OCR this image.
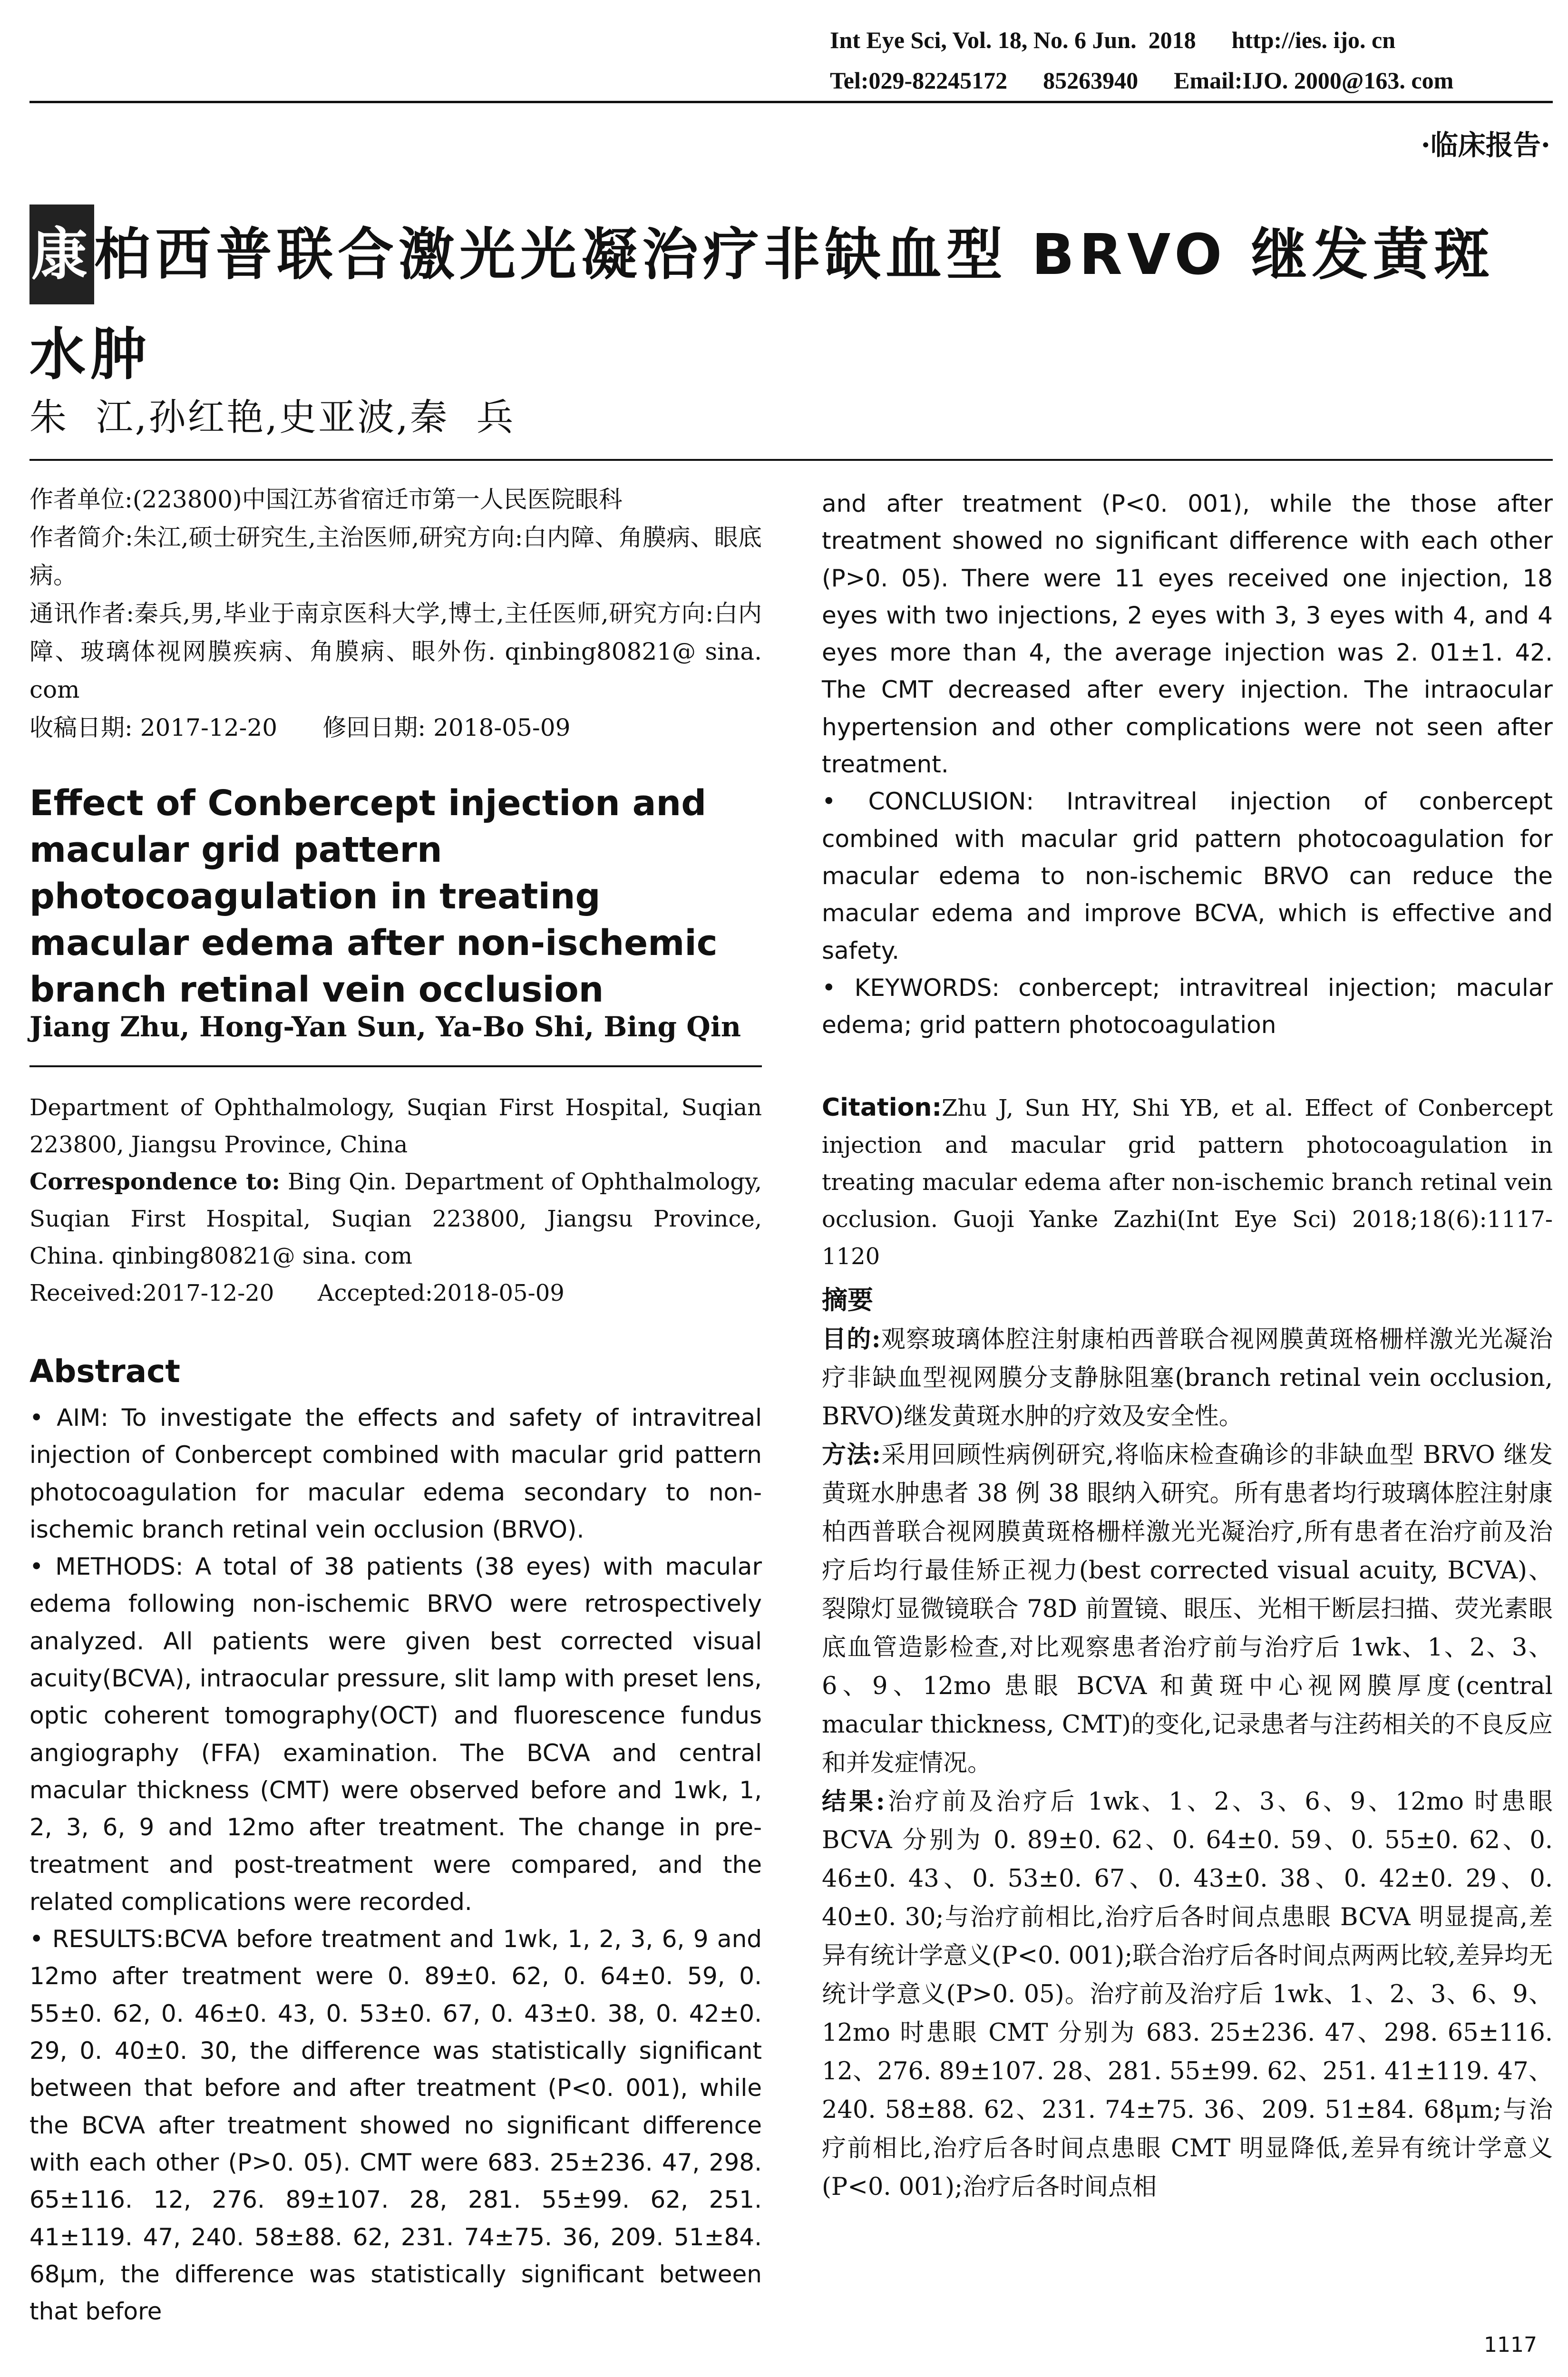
Int Eye Sci, Vol. 18, No. 6 Jun.  2018      http://ies. ijo. cn
Tel:029-82245172      85263940      Email:IJO. 2000@163. com
·临床报告·
康柏西普联合激光光凝治疗非缺血型 BRVO 继发黄斑水肿
朱  江,孙红艳,史亚波,秦  兵

作者单位:(223800)中国江苏省宿迁市第一人民医院眼科

作者简介:朱江,硕士研究生,主治医师,研究方向:白内障、角膜病、眼底病。

通讯作者:秦兵,男,毕业于南京医科大学,博士,主任医师,研究方向:白内障、玻璃体视网膜疾病、角膜病、眼外伤. qinbing80821@ sina. com

收稿日期: 2017-12-20      修回日期: 2018-05-09

Effect of Conbercept injection and macular grid pattern photocoagulation in treating macular edema after non-ischemic branch retinal vein occlusion
Jiang Zhu, Hong-Yan Sun, Ya-Bo Shi, Bing Qin

Department of Ophthalmology, Suqian First Hospital, Suqian 223800, Jiangsu Province, China

Correspondence to: Bing Qin. Department of Ophthalmology, Suqian First Hospital, Suqian 223800, Jiangsu Province, China. qinbing80821@ sina. com

Received:2017-12-20      Accepted:2018-05-09

Abstract

• AIM: To investigate the effects and safety of intravitreal injection of Conbercept combined with macular grid pattern photocoagulation for macular edema secondary to non-ischemic branch retinal vein occlusion (BRVO).

• METHODS: A total of 38 patients (38 eyes) with macular edema following non-ischemic BRVO were retrospectively analyzed. All patients were given best corrected visual acuity(BCVA), intraocular pressure, slit lamp with preset lens, optic coherent tomography(OCT) and fluorescence fundus angiography (FFA) examination. The BCVA and central macular thickness (CMT) were observed before and 1wk, 1, 2, 3, 6, 9 and 12mo after treatment. The change in pre-treatment and post-treatment were compared, and the related complications were recorded.

• RESULTS:BCVA before treatment and 1wk, 1, 2, 3, 6, 9 and 12mo after treatment were 0. 89±0. 62, 0. 64±0. 59, 0. 55±0. 62, 0. 46±0. 43, 0. 53±0. 67, 0. 43±0. 38, 0. 42±0. 29, 0. 40±0. 30, the difference was statistically significant between that before and after treatment (P<0. 001), while the BCVA after treatment showed no significant difference with each other (P>0. 05). CMT were 683. 25±236. 47, 298. 65±116. 12, 276. 89±107. 28, 281. 55±99. 62, 251. 41±119. 47, 240. 58±88. 62, 231. 74±75. 36, 209. 51±84. 68μm, the difference was statistically significant between that before

and after treatment (P<0. 001), while the those after treatment showed no significant difference with each other (P>0. 05). There were 11 eyes received one injection, 18 eyes with two injections, 2 eyes with 3, 3 eyes with 4, and 4 eyes more than 4, the average injection was 2. 01±1. 42. The CMT decreased after every injection. The intraocular hypertension and other complications were not seen after treatment.

• CONCLUSION: Intravitreal injection of conbercept combined with macular grid pattern photocoagulation for macular edema to non-ischemic BRVO can reduce the macular edema and improve BCVA, which is effective and safety.

• KEYWORDS: conbercept; intravitreal injection; macular edema; grid pattern photocoagulation

Citation:Zhu J, Sun HY, Shi YB, et al. Effect of Conbercept injection and macular grid pattern photocoagulation in treating macular edema after non-ischemic branch retinal vein occlusion. Guoji Yanke Zazhi(Int Eye Sci) 2018;18(6):1117-1120

摘要

目的:观察玻璃体腔注射康柏西普联合视网膜黄斑格栅样激光光凝治疗非缺血型视网膜分支静脉阻塞(branch retinal vein occlusion, BRVO)继发黄斑水肿的疗效及安全性。

方法:采用回顾性病例研究,将临床检查确诊的非缺血型 BRVO 继发黄斑水肿患者 38 例 38 眼纳入研究。所有患者均行玻璃体腔注射康柏西普联合视网膜黄斑格栅样激光光凝治疗,所有患者在治疗前及治疗后均行最佳矫正视力(best corrected visual acuity, BCVA)、裂隙灯显微镜联合 78D 前置镜、眼压、光相干断层扫描、荧光素眼底血管造影检查,对比观察患者治疗前与治疗后 1wk、1、2、3、6、9、12mo 患眼 BCVA 和黄斑中心视网膜厚度(central macular thickness, CMT)的变化,记录患者与注药相关的不良反应和并发症情况。

结果:治疗前及治疗后 1wk、1、2、3、6、9、12mo 时患眼 BCVA 分别为 0. 89±0. 62、0. 64±0. 59、0. 55±0. 62、0. 46±0. 43、0. 53±0. 67、0. 43±0. 38、0. 42±0. 29、0. 40±0. 30;与治疗前相比,治疗后各时间点患眼 BCVA 明显提高,差异有统计学意义(P<0. 001);联合治疗后各时间点两两比较,差异均无统计学意义(P>0. 05)。治疗前及治疗后 1wk、1、2、3、6、9、12mo 时患眼 CMT 分别为 683. 25±236. 47、298. 65±116. 12、276. 89±107. 28、281. 55±99. 62、251. 41±119. 47、240. 58±88. 62、231. 74±75. 36、209. 51±84. 68μm;与治疗前相比,治疗后各时间点患眼 CMT 明显降低,差异有统计学意义(P<0. 001);治疗后各时间点相

1117
